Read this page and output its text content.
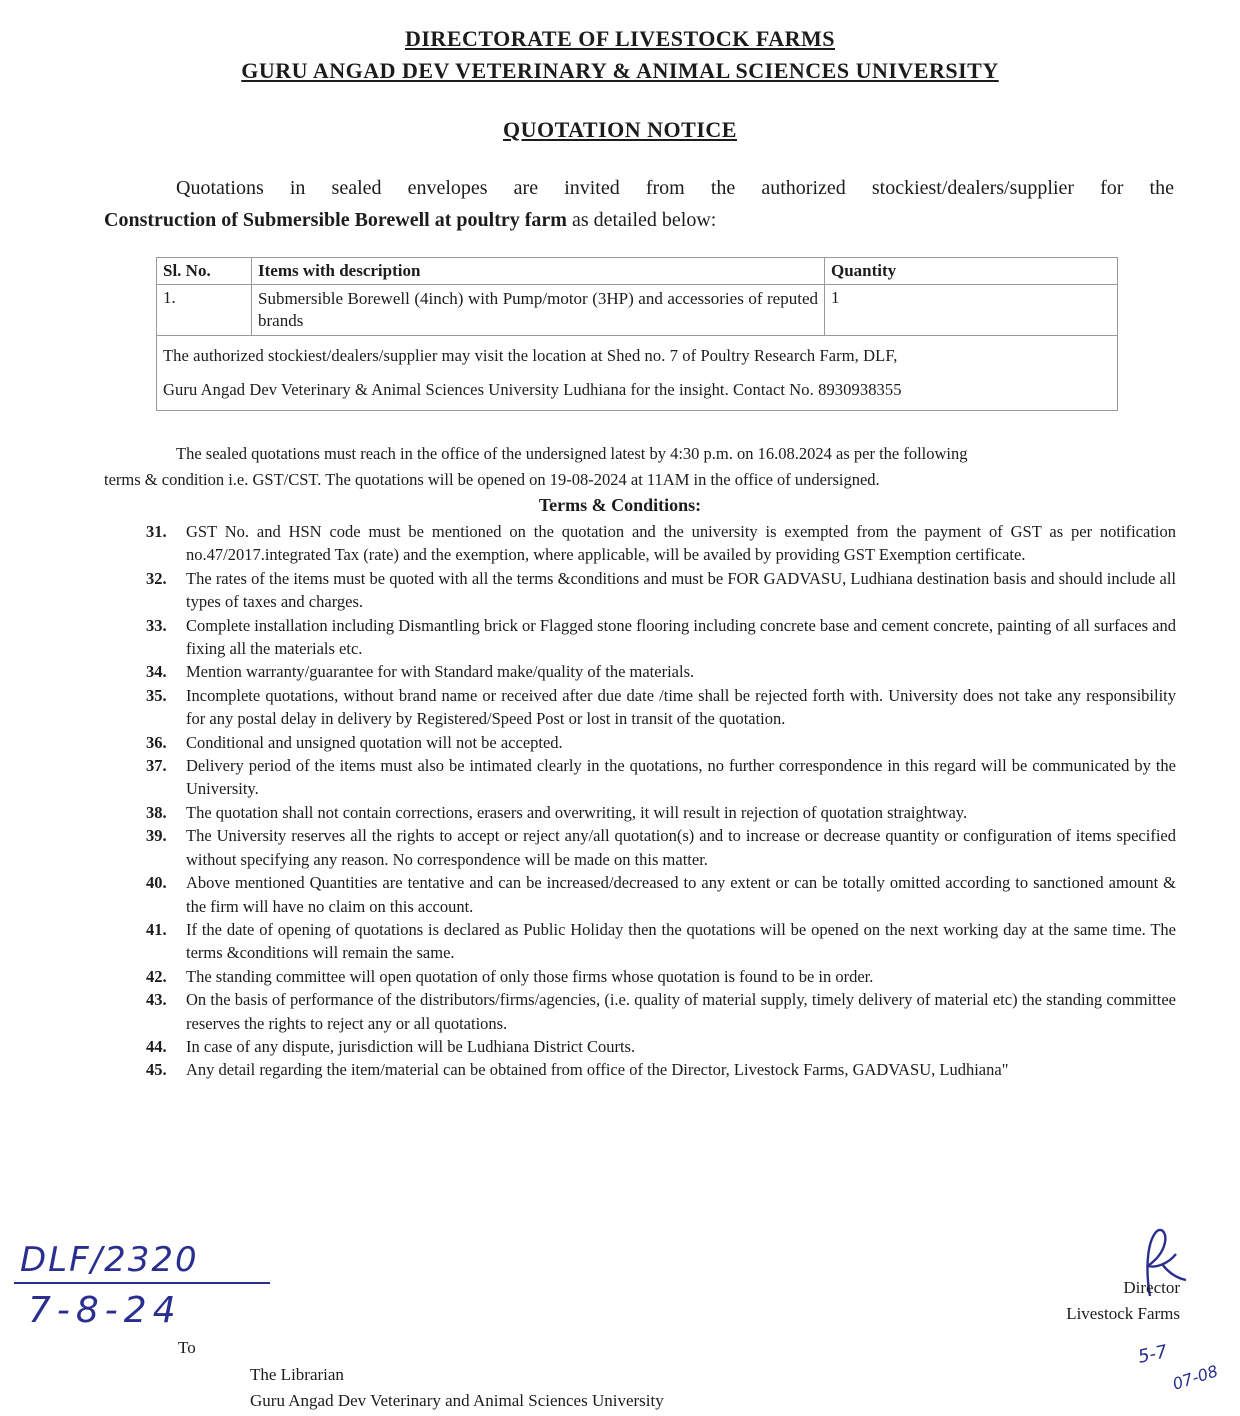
DIRECTORATE OF LIVESTOCK FARMS
GURU ANGAD DEV VETERINARY & ANIMAL SCIENCES UNIVERSITY
QUOTATION NOTICE

Quotations in sealed envelopes are invited from the authorized stockiest/dealers/supplier for the

Construction of Submersible Borewell at poultry farm as detailed below:

Sl. No.	Items with description	Quantity
1.	Submersible Borewell (4inch) with Pump/motor (3HP) and accessories of reputed brands	1

The authorized stockiest/dealers/supplier may visit the location at Shed no. 7 of Poultry Research Farm, DLF,
Guru Angad Dev Veterinary & Animal Sciences University Ludhiana for the insight. Contact No. 8930938355		

The sealed quotations must reach in the office of the undersigned latest by 4:30 p.m. on 16.08.2024 as per the following

terms & condition i.e. GST/CST. The quotations will be opened on 19-08-2024 at 11AM in the office of undersigned.

Terms & Conditions:
31.	GST No. and HSN code must be mentioned on the quotation and the university is exempted from the payment of GST as per notification no.47/2017.integrated Tax (rate) and the exemption, where applicable, will be availed by providing GST Exemption certificate.
32.	The rates of the items must be quoted with all the terms &conditions and must be FOR GADVASU, Ludhiana destination basis and should include all types of taxes and charges.
33.	Complete installation including Dismantling brick or Flagged stone flooring including concrete base and cement concrete, painting of all surfaces and fixing all the materials etc.
34.	Mention warranty/guarantee for with Standard make/quality of the materials.
35.	Incomplete quotations, without brand name or received after due date /time shall be rejected forth with. University does not take any responsibility for any postal delay in delivery by Registered/Speed Post or lost in transit of the quotation.
36.	Conditional and unsigned quotation will not be accepted.
37.	Delivery period of the items must also be intimated clearly in the quotations, no further correspondence in this regard will be communicated by the University.
38.	The quotation shall not contain corrections, erasers and overwriting, it will result in rejection of quotation straightway.
39.	The University reserves all the rights to accept or reject any/all quotation(s) and to increase or decrease quantity or configuration of items specified without specifying any reason. No correspondence will be made on this matter.
40.	Above mentioned Quantities are tentative and can be increased/decreased to any extent or can be totally omitted according to sanctioned amount & the firm will have no claim on this account.
41.	If the date of opening of quotations is declared as Public Holiday then the quotations will be opened on the next working day at the same time. The terms &conditions will remain the same.
42.	The standing committee will open quotation of only those firms whose quotation is found to be in order.
43.	On the basis of performance of the distributors/firms/agencies, (i.e. quality of material supply, timely delivery of material etc) the standing committee reserves the rights to reject any or all quotations.
44.	In case of any dispute, jurisdiction will be Ludhiana District Courts.
45.	Any detail regarding the item/material can be obtained from office of the Director, Livestock Farms, GADVASU, Ludhiana"
DLF/2320
7-8-24
Director
Livestock Farms
5-7
07-08
To
The Librarian
Guru Angad Dev Veterinary and Animal Sciences University
